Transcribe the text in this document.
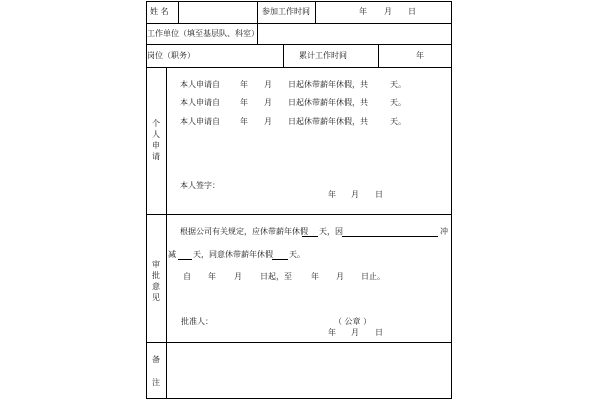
姓 名	参加工作时间	年 月 日
工作单位（填至基层队、科室）
岗位（职务）	累计工作时间	年
个
人
申
请
本人申请自	年 月 日起休带薪年休假，共	天。
本人申请自	年 月 日起休带薪年休假，共	天。
本人申请自	年 月 日起休带薪年休假，共	天。
本人签字：
年 月 日
审
批
意
见
根据公司有关规定，应休带薪年休假 天，因	冲
减 天，同意休带薪年休假 天。
自 年 月 日起，至 年 月 日止。
批准人：	（ 公章 ）
年 月 日
备
注
